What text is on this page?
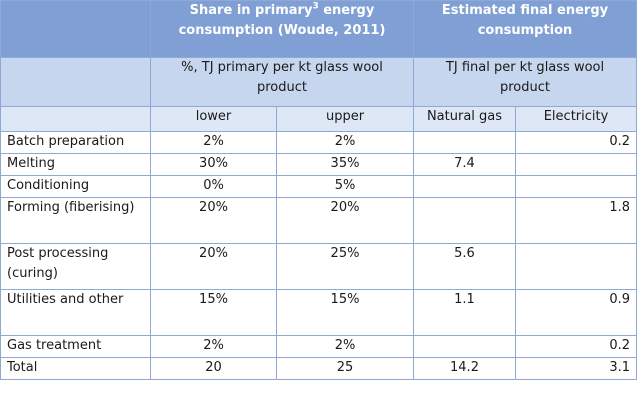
	Share in primary$^3$ energy consumption (Woude, 2011)		Estimated final energy consumption	
	%, TJ primary per kt glass wool product		TJ final per kt glass wool product	
	lower	upper	Natural gas	Electricity
Batch preparation	2%	2%		0.2
Melting	30%	35%	7.4	
Conditioning	0%	5%		
Forming (fiberising)	20%	20%		1.8
Post processing (curing)	20%	25%	5.6	
Utilities and other	15%	15%	1.1	0.9
Gas treatment	2%	2%		0.2
Total	20	25	14.2	3.1
